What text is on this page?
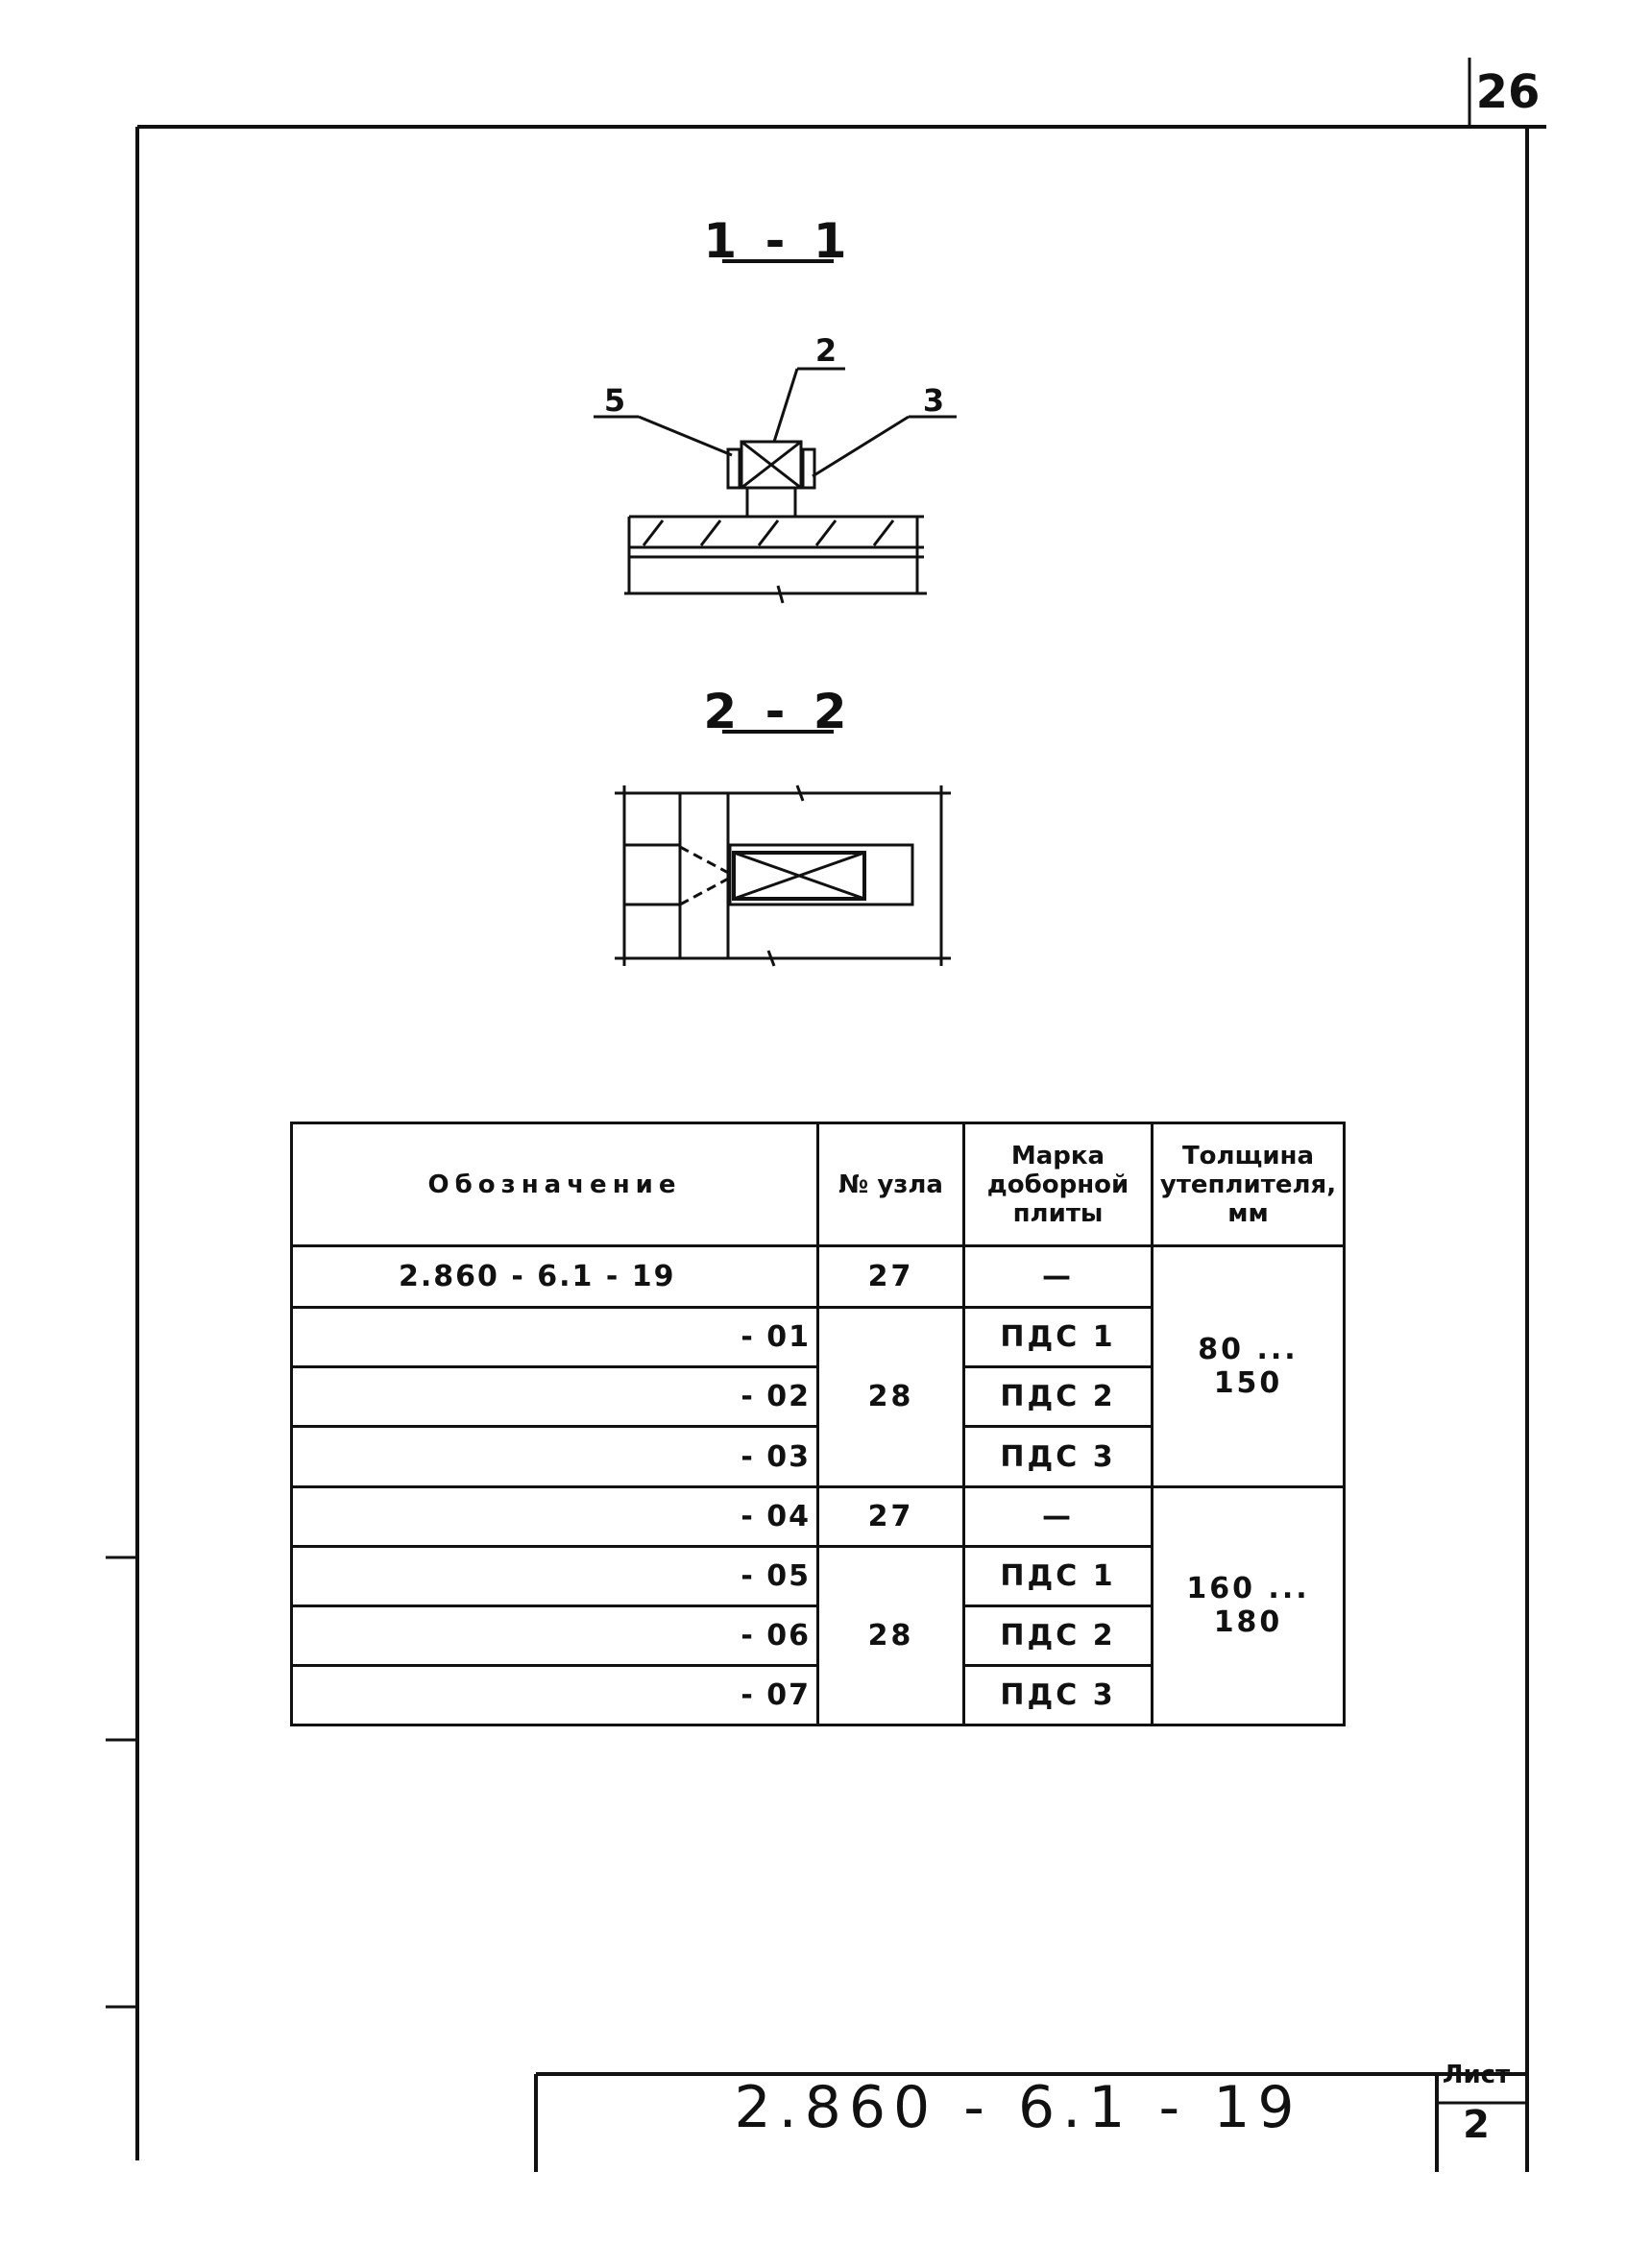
5
2
3
26
1 - 1
2 - 2
Обозначение	№ узла	Марка доборной плиты	Толщина утеплителя, мм
2.860 - 6.1 - 19	27	—	80 ... 150
- 01	28	ПДС 1	
- 02		ПДС 2	
- 03		ПДС 3	
- 04	27	—	160 ... 180
- 05	28	ПДС 1	
- 06		ПДС 2	
- 07		ПДС 3	
2.860 - 6.1 - 19	Лист
2
